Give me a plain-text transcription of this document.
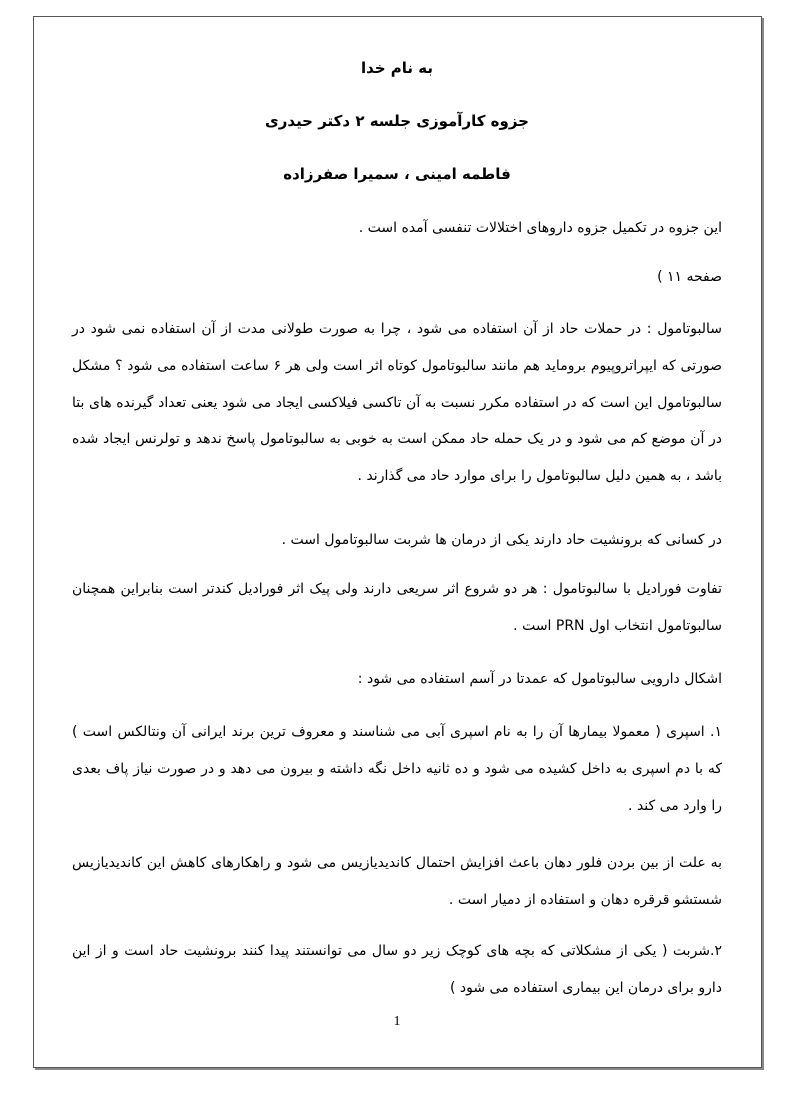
به نام خدا
جزوه کارآموزی جلسه ۲ دکتر حیدری
فاطمه امینی ، سمیرا صفرزاده
این جزوه در تکمیل جزوه داروهای اختلالات تنفسی آمده است .
صفحه ۱۱ )
سالبوتامول : در حملات حاد از آن استفاده می شود ، چرا به صورت طولانی مدت از آن استفاده نمی شود در صورتی که ایپراتروپیوم بروماید هم مانند سالبوتامول کوتاه اثر است ولی هر ۶ ساعت استفاده می شود ؟ مشکل سالبوتامول این است که در استفاده مکرر نسبت به آن تاکسی فیلاکسی ایجاد می شود یعنی تعداد گیرنده های بتا در آن موضع کم می شود و در یک حمله حاد ممکن است به خوبی به سالبوتامول پاسخ ندهد و تولرنس ایجاد شده باشد ، به همین دلیل سالبوتامول را برای موارد حاد می گذارند .
در کسانی که برونشیت حاد دارند یکی از درمان ها شربت سالبوتامول است .
تفاوت فورادیل با سالبوتامول : هر دو شروع اثر سریعی دارند ولی پیک اثر فورادیل کندتر است بنابراین همچنان سالبوتامول انتخاب اول PRN است .
اشکال دارویی سالبوتامول که عمدتا در آسم استفاده می شود :
۱. اسپری ( معمولا بیمارها آن را به نام اسپری آبی می شناسند و معروف ترین برند ایرانی آن ونتالکس است ) که با دم اسپری به داخل کشیده می شود و ده ثانیه داخل نگه داشته و بیرون می دهد و در صورت نیاز پاف بعدی را وارد می کند .
به علت از بین بردن فلور دهان باعث افزایش احتمال کاندیدیازیس می شود و راهکارهای کاهش این کاندیدیازیس شستشو قرقره دهان و استفاده از دمیار است .
۲.شربت ( یکی از مشکلاتی که بچه های کوچک زیر دو سال می توانستند پیدا کنند برونشیت حاد است و از این دارو برای درمان این بیماری استفاده می شود )
1
